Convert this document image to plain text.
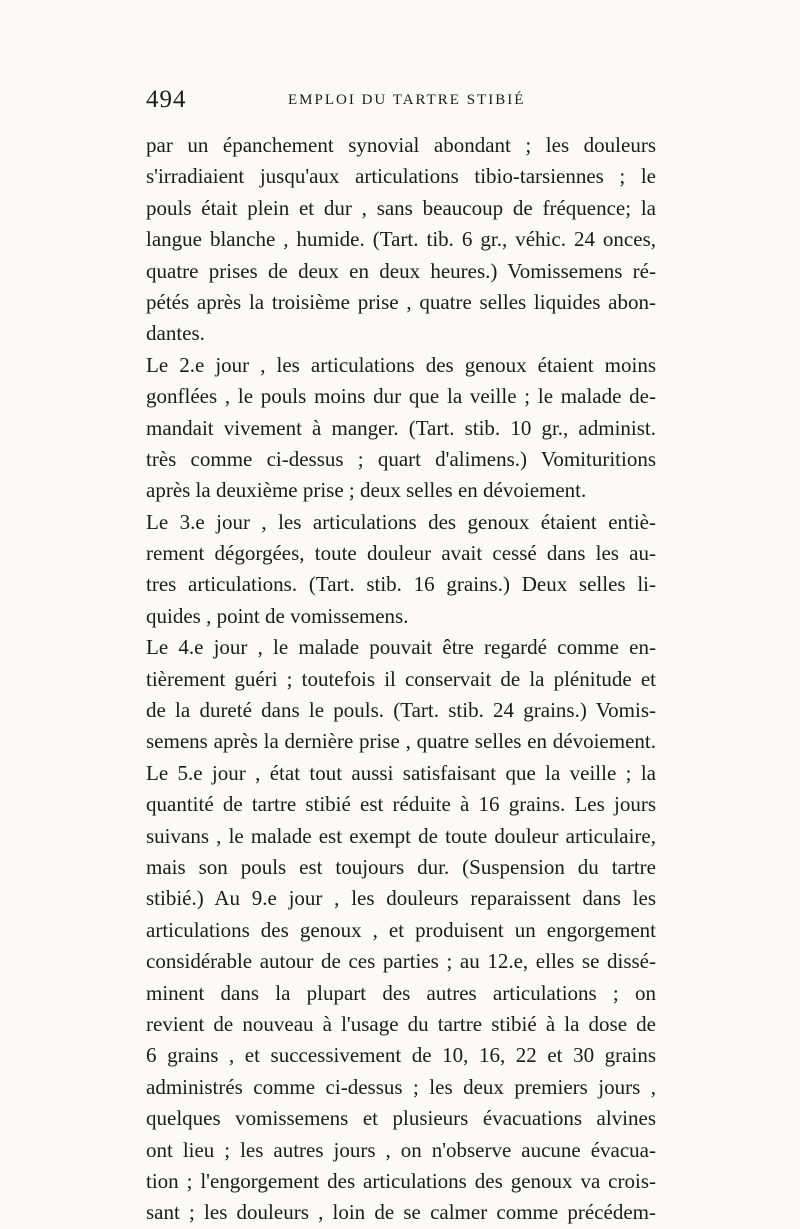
494	EMPLOI DU TARTRE STIBIÉ
par un épanchement synovial abondant ; les douleurs
s'irradiaient jusqu'aux articulations tibio-tarsiennes ; le
pouls était plein et dur , sans beaucoup de fréquence; la
langue blanche , humide. (Tart. tib. 6 gr., véhic. 24 onces,
quatre prises de deux en deux heures.) Vomissemens ré-
pétés après la troisième prise , quatre selles liquides abon-
dantes.
Le 2.e jour , les articulations des genoux étaient moins
gonflées , le pouls moins dur que la veille ; le malade de-
mandait vivement à manger. (Tart. stib. 10 gr., administ.
très comme ci-dessus ; quart d'alimens.) Vomituritions
après la deuxième prise ; deux selles en dévoiement.
Le 3.e jour , les articulations des genoux étaient entiè-
rement dégorgées, toute douleur avait cessé dans les au-
tres articulations. (Tart. stib. 16 grains.) Deux selles li-
quides , point de vomissemens.
Le 4.e jour , le malade pouvait être regardé comme en-
tièrement guéri ; toutefois il conservait de la plénitude et
de la dureté dans le pouls. (Tart. stib. 24 grains.) Vomis-
semens après la dernière prise , quatre selles en dévoiement.
Le 5.e jour , état tout aussi satisfaisant que la veille ; la
quantité de tartre stibié est réduite à 16 grains. Les jours
suivans , le malade est exempt de toute douleur articulaire,
mais son pouls est toujours dur. (Suspension du tartre
stibié.) Au 9.e jour , les douleurs reparaissent dans les
articulations des genoux , et produisent un engorgement
considérable autour de ces parties ; au 12.e, elles se dissé-
minent dans la plupart des autres articulations ; on
revient de nouveau à l'usage du tartre stibié à la dose de
6 grains , et successivement de 10, 16, 22 et 30 grains
administrés comme ci-dessus ; les deux premiers jours ,
quelques vomissemens et plusieurs évacuations alvines
ont lieu ; les autres jours , on n'observe aucune évacua-
tion ; l'engorgement des articulations des genoux va crois-
sant ; les douleurs , loin de se calmer comme précédem-
